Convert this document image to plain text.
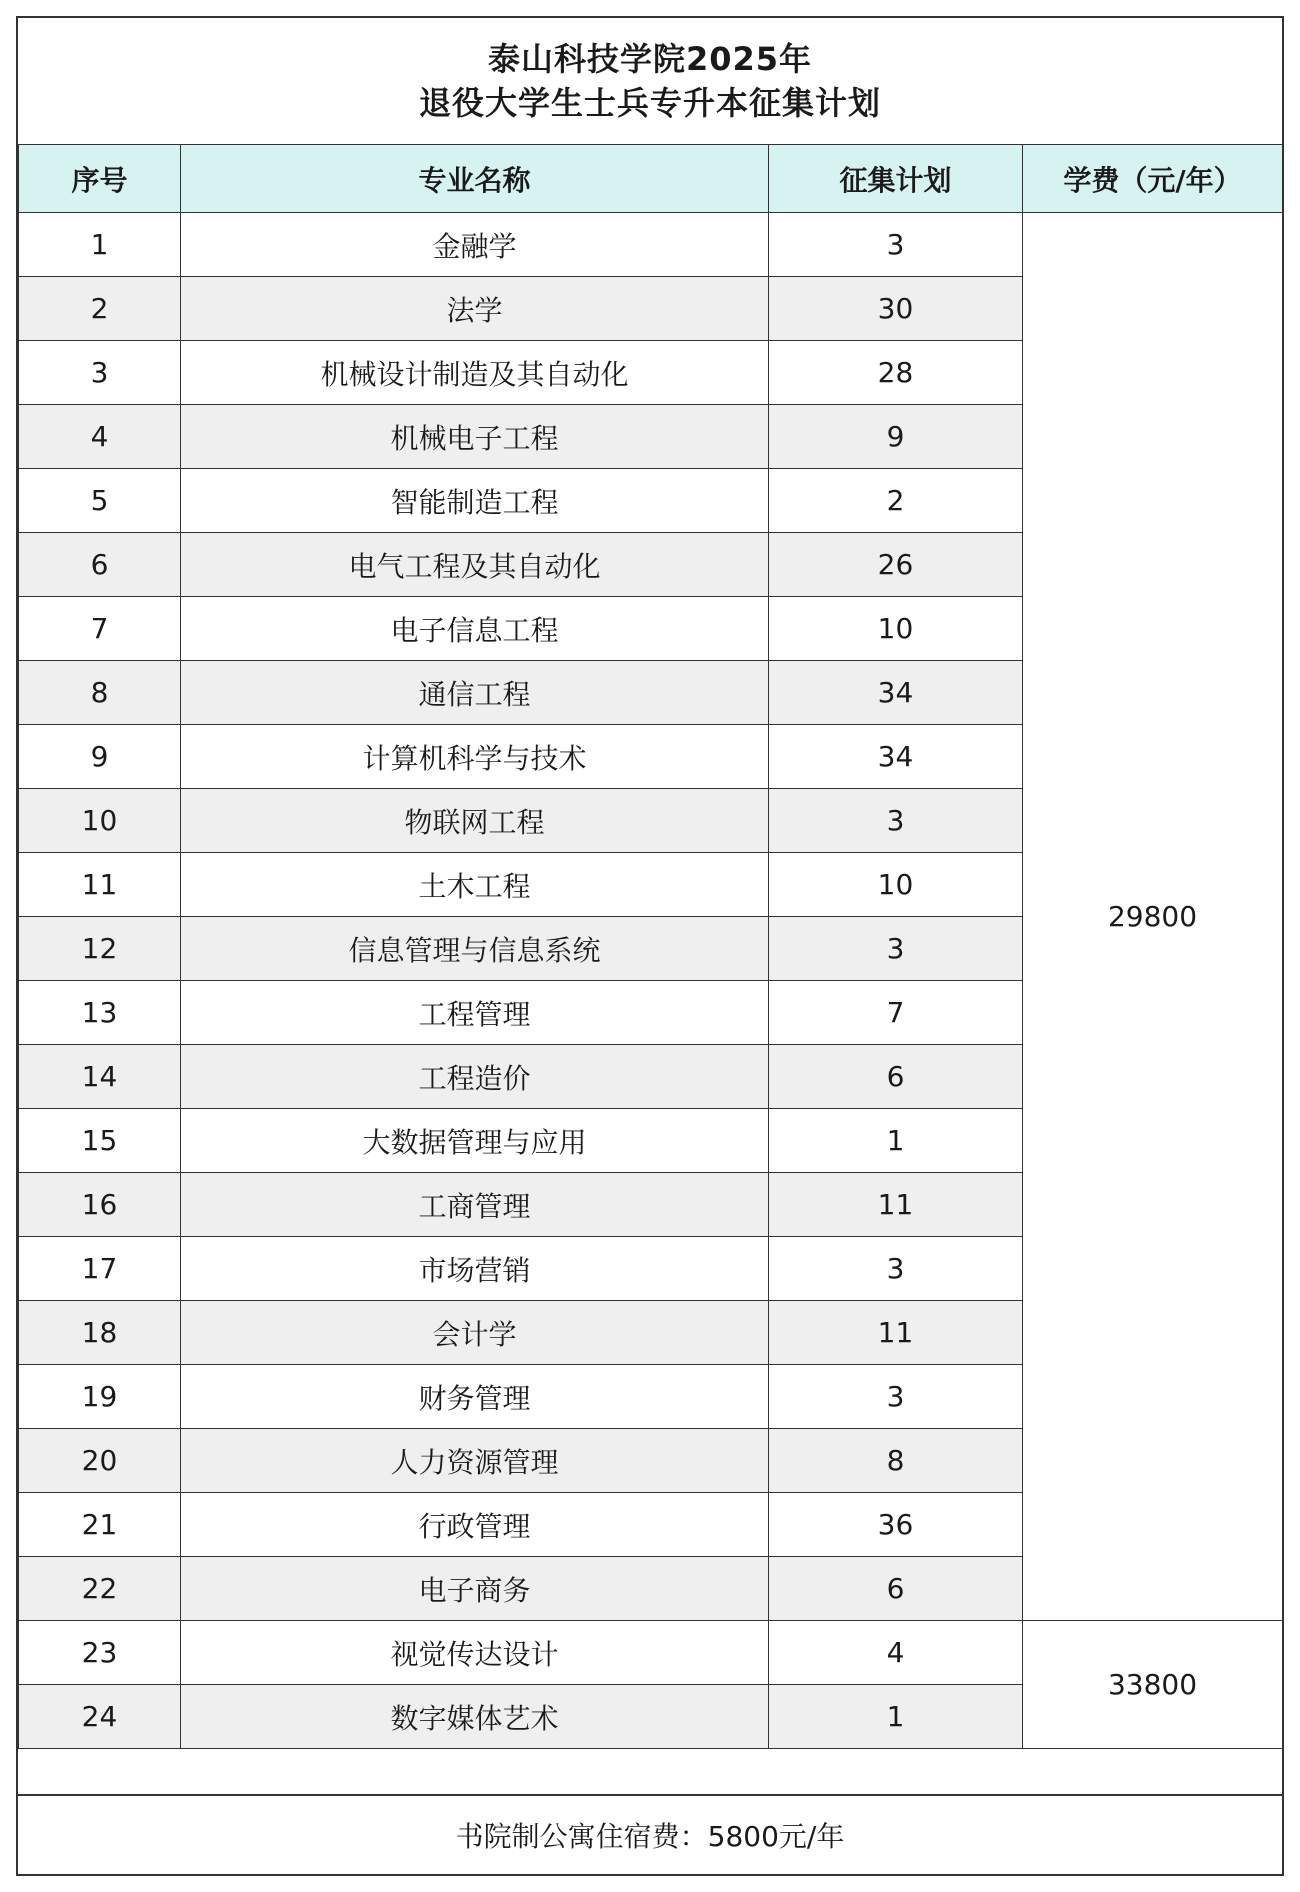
泰山科技学院2025年
退役大学生士兵专升本征集计划
序号	专业名称	征集计划	学费（元/年）
1	金融学	3	29800
2	法学	30	
3	机械设计制造及其自动化	28	
4	机械电子工程	9	
5	智能制造工程	2	
6	电气工程及其自动化	26	
7	电子信息工程	10	
8	通信工程	34	
9	计算机科学与技术	34	
10	物联网工程	3	
11	土木工程	10	
12	信息管理与信息系统	3	
13	工程管理	7	
14	工程造价	6	
15	大数据管理与应用	1	
16	工商管理	11	
17	市场营销	3	
18	会计学	11	
19	财务管理	3	
20	人力资源管理	8	
21	行政管理	36	
22	电子商务	6	
23	视觉传达设计	4	33800
24	数字媒体艺术	1	
书院制公寓住宿费：5800元/年
